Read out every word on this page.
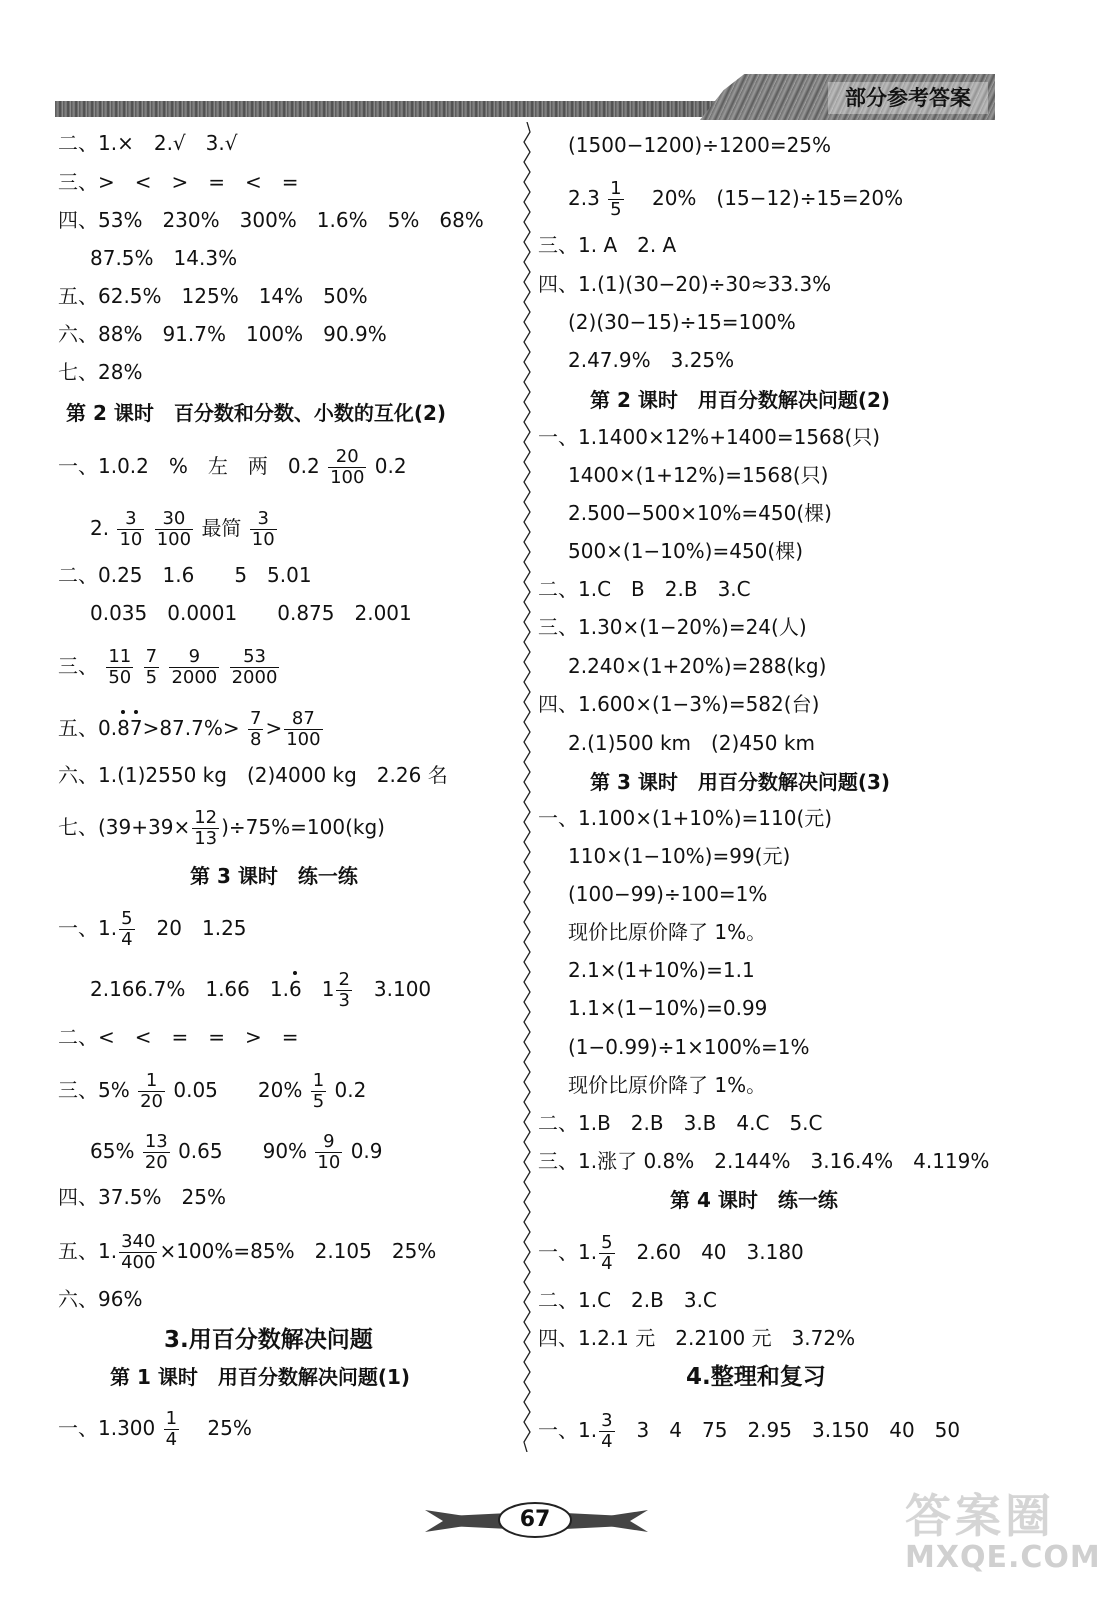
部分参考答案
二、1.×　2.√　3.√
三、>　<　>　=　<　=
四、53%　230%　300%　1.6%　5%　68%
87.5%　14.3%
五、62.5%　125%　14%　50%
六、88%　91.7%　100%　90.9%
七、28%
第 2 课时　百分数和分数、小数的互化(2)
一、1.0.2　%　左　两　$0.2 \frac{20}{100} 0.2$
2. $\frac{3}{10}$
$\frac{30}{100}$ 最简 $\frac{3}{10}$
二、0.25　1.6　　5　5.01
0.035　0.0001　　0.875　2.001
三、 $\frac{11}{50}$
$\frac{7}{5}$
$\frac{9}{2000}$
$\frac{53}{2000}$
五、$0.87>87.7\%> \frac{7}{8} > \frac{87}{100}$
六、1.(1)2550 kg　(2)4000 kg　2.26 名
七、$(39+39\times \frac{12}{13} )\div 75\%=100(kg)$
第 3 课时　练一练
一、1. $\frac{5}{4}$ 　20　1.25
2.166.7%　1.66　1.6　$1 \frac{2}{3}$ 　3.100
二、<　<　=　=　>　=
三、$5\% \frac{1}{20} 0.05$　　$20\% \frac{1}{5} 0.2$
$65\% \frac{13}{20} 0.65$　　$90\% \frac{9}{10} 0.9$
四、37.5%　25%
五、1. $\frac{340}{400} \times 100\%=85\%$　2.105　25%
六、96%
3.用百分数解决问题
第 1 课时　用百分数解决问题(1)
一、$1.300 \frac{1}{4}$ 　25%
(1500−1200)÷1200=25%
$2.3 \frac{1}{5}$ 　20%　(15−12)÷15=20%
三、1. A　2. A
四、1.(1)(30−20)÷30≈33.3%
(2)(30−15)÷15=100%
2.47.9%　3.25%
第 2 课时　用百分数解决问题(2)
一、1.1400×12%+1400=1568(只)
1400×(1+12%)=1568(只)
2.500−500×10%=450(棵)
500×(1−10%)=450(棵)
二、1.C　B　2.B　3.C
三、1.30×(1−20%)=24(人)
2.240×(1+20%)=288(kg)
四、1.600×(1−3%)=582(台)
2.(1)500 km　(2)450 km
第 3 课时　用百分数解决问题(3)
一、1.100×(1+10%)=110(元)
110×(1−10%)=99(元)
(100−99)÷100=1%
现价比原价降了 1%。
2.1×(1+10%)=1.1
1.1×(1−10%)=0.99
(1−0.99)÷1×100%=1%
现价比原价降了 1%。
二、1.B　2.B　3.B　4.C　5.C
三、1.涨了 0.8%　2.144%　3.16.4%　4.119%
第 4 课时　练一练
一、1. $\frac{5}{4}$ 　2.60　40　3.180
二、1.C　2.B　3.C
四、1.2.1 元　2.2100 元　3.72%
4.整理和复习
一、1. $\frac{3}{4}$ 　3　4　75　2.95　3.150　40　50
67	答案圈
MXQE.COM
